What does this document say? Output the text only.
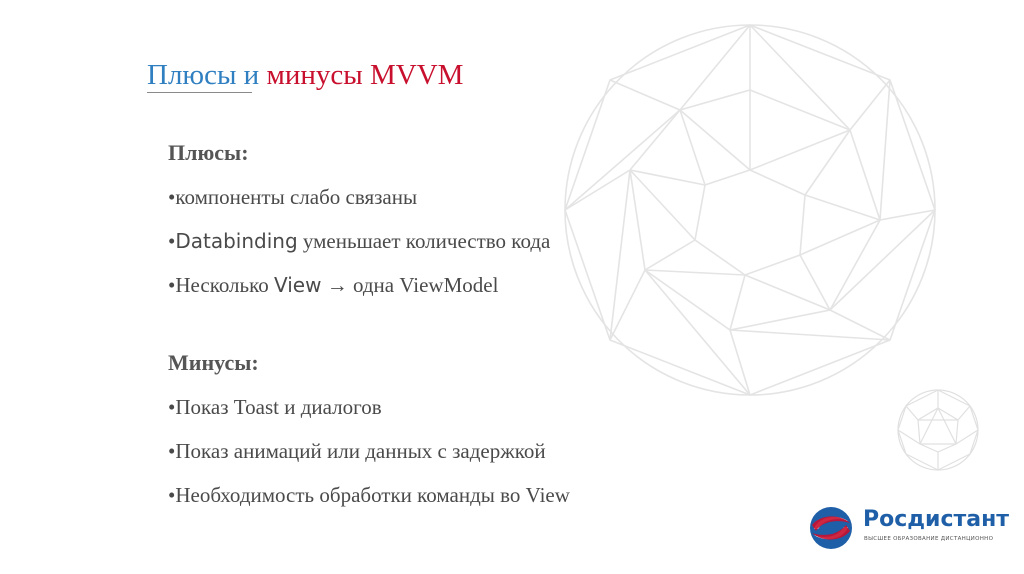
Плюсы и минусы MVVM
Плюсы:
•компоненты слабо связаны
•Databinding уменьшает количество кода
•Несколько View → одна ViewModel
Минусы:
•Показ Toast и диалогов
•Показ анимаций или данных с задержкой
•Необходимость обработки команды во View
Росдистант
ВЫСШЕЕ ОБРАЗОВАНИЕ ДИСТАНЦИОННО
